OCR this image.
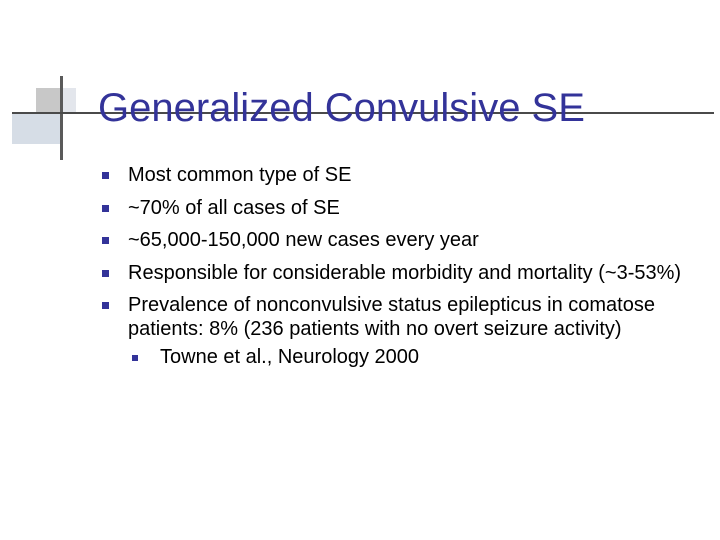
Generalized Convulsive SE
Most common type of SE
~70% of all cases of SE
~65,000-150,000 new cases every year
Responsible for considerable morbidity and mortality (~3-53%)
Prevalence of nonconvulsive status epilepticus in comatose patients: 8% (236 patients with no overt seizure activity)
Towne et al., Neurology 2000
